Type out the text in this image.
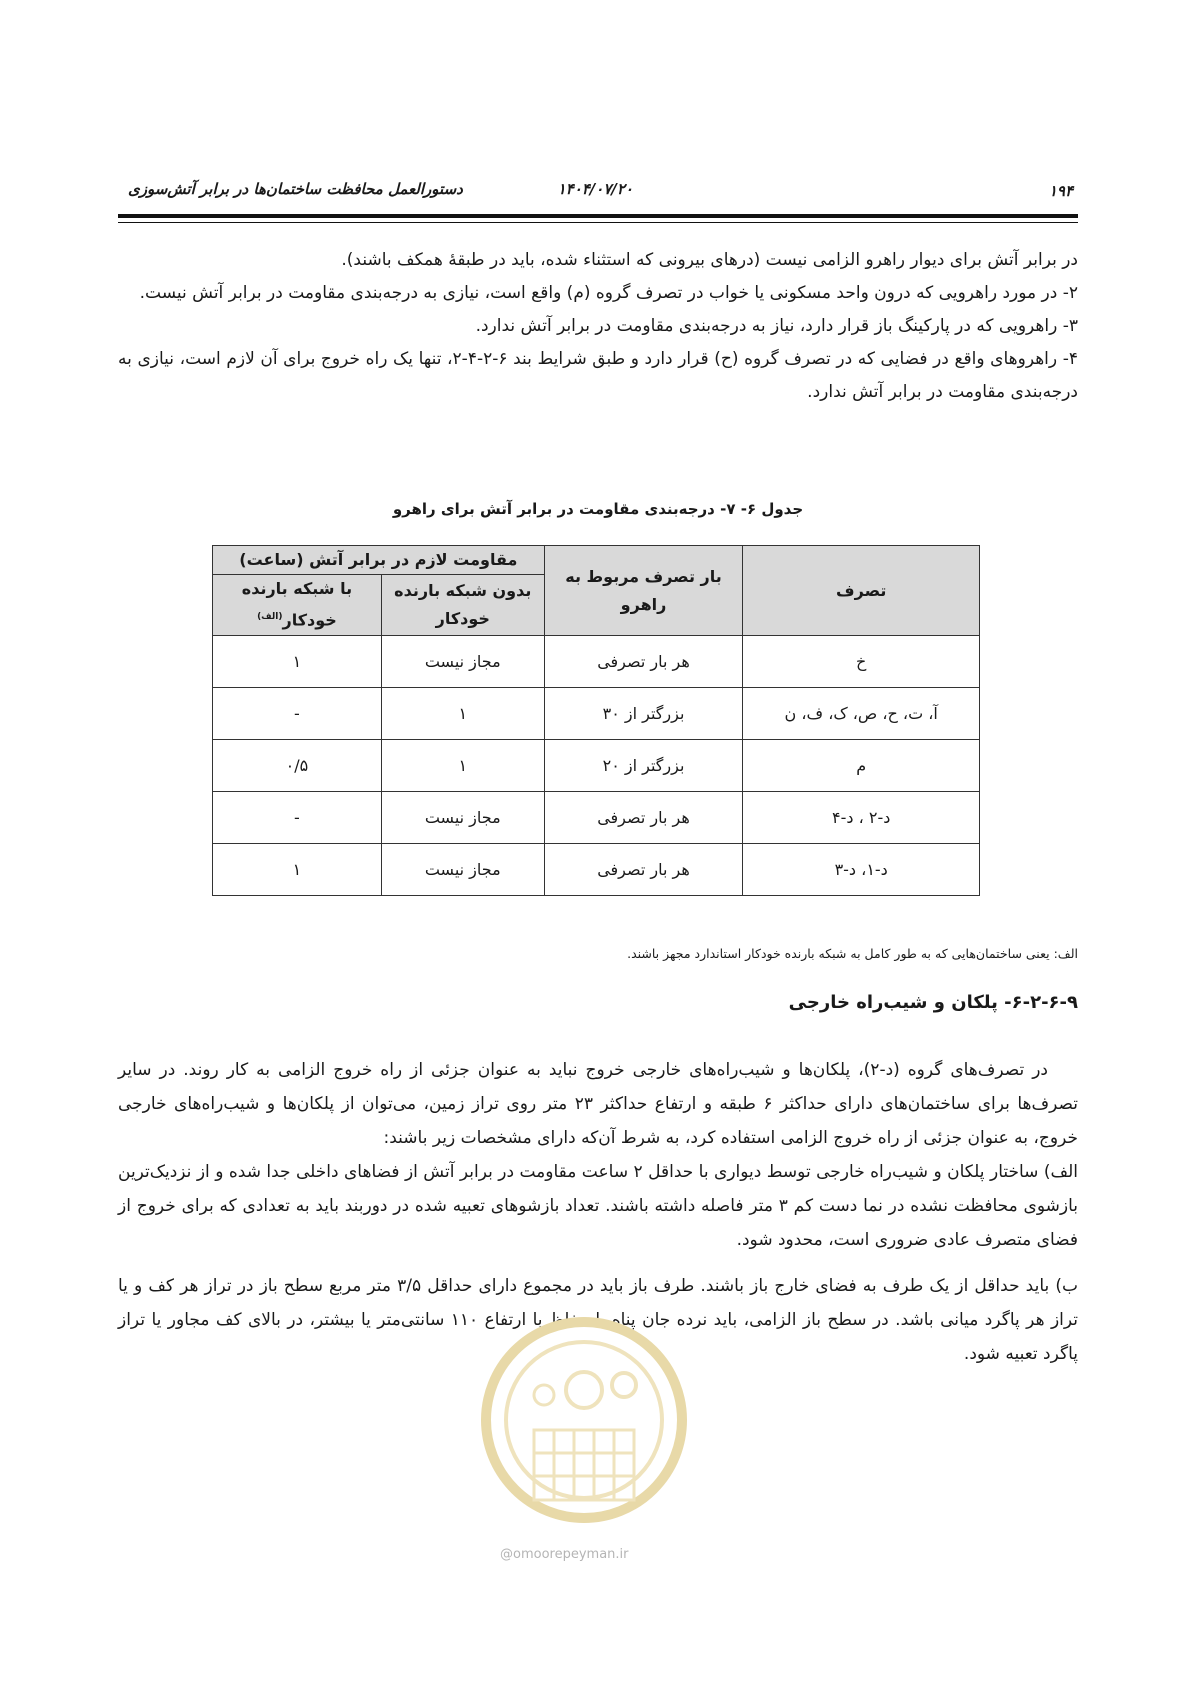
۱۹۴
۱۴۰۴/۰۷/۲۰
دستورالعمل محافظت ساختمان‌ها در برابر آتش‌سوزی

در برابر آتش برای دیوار راهرو الزامی نیست (درهای بیرونی که استثناء شده، باید در طبقهٔ همکف باشند).

۲- در مورد راهرویی که درون واحد مسکونی یا خواب در تصرف گروه (م) واقع است، نیازی به درجه‌بندی مقاومت در برابر آتش نیست.

۳- راهرویی که در پارکینگ باز قرار دارد، نیاز به درجه‌بندی مقاومت در برابر آتش ندارد.

۴- راهروهای واقع در فضایی که در تصرف گروه (ح) قرار دارد و طبق شرایط بند ۶-۲-۴-۲، تنها یک راه خروج برای آن لازم است، نیازی به درجه‌بندی مقاومت در برابر آتش ندارد.

جدول ۶- ۷- درجه‌بندی مقاومت در برابر آتش برای راهرو
تصرف	بار تصرف مربوط به راهرو	مقاومت لازم در برابر آتش (ساعت)	
		بدون شبکه بارنده خودکار	با شبکه بارنده خودکار$^{(الف)}$
خ	هر بار تصرفی	مجاز نیست	۱
آ، ت، ح، ص، ک، ف، ن	بزرگتر از ۳۰	۱	-
م	بزرگتر از ۲۰	۱	۰/۵
د-۲ ، د-۴	هر بار تصرفی	مجاز نیست	-
د-۱، د-۳	هر بار تصرفی	مجاز نیست	۱
الف: یعنی ساختمان‌هایی که به طور کامل به شبکه بارنده خودکار استاندارد مجهز باشند.
۶-۲-۶-۹- پلکان و شیب‌راه خارجی

در تصرف‌های گروه (د-۲)، پلکان‌ها و شیب‌راه‌های خارجی خروج نباید به عنوان جزئی از راه خروج الزامی به کار روند. در سایر تصرف‌ها برای ساختمان‌های دارای حداکثر ۶ طبقه و ارتفاع حداکثر ۲۳ متر روی تراز زمین، می‌توان از پلکان‌ها و شیب‌راه‌های خارجی خروج، به عنوان جزئی از راه خروج الزامی استفاده کرد، به شرط آن‌که دارای مشخصات زیر باشند:

الف) ساختار پلکان و شیب‌راه خارجی توسط دیواری با حداقل ۲ ساعت مقاومت در برابر آتش از فضاهای داخلی جدا شده و از نزدیک‌ترین بازشوی محافظت نشده در نما دست کم ۳ متر فاصله داشته باشند. تعداد بازشوهای تعبیه شده در دوربند باید به تعدادی که برای خروج از فضای متصرف عادی ضروری است، محدود شود.

ب) باید حداقل از یک طرف به فضای خارج باز باشند. طرف باز باید در مجموع دارای حداقل ۳/۵ متر مربع سطح باز در تراز هر کف و یا تراز هر پاگرد میانی باشد. در سطح باز الزامی، باید نرده جان پناه یا حفاظ با ارتفاع ۱۱۰ سانتی‌متر یا بیشتر، در بالای کف مجاور یا تراز پاگرد تعبیه شود.

@omoorepeyman.ir
